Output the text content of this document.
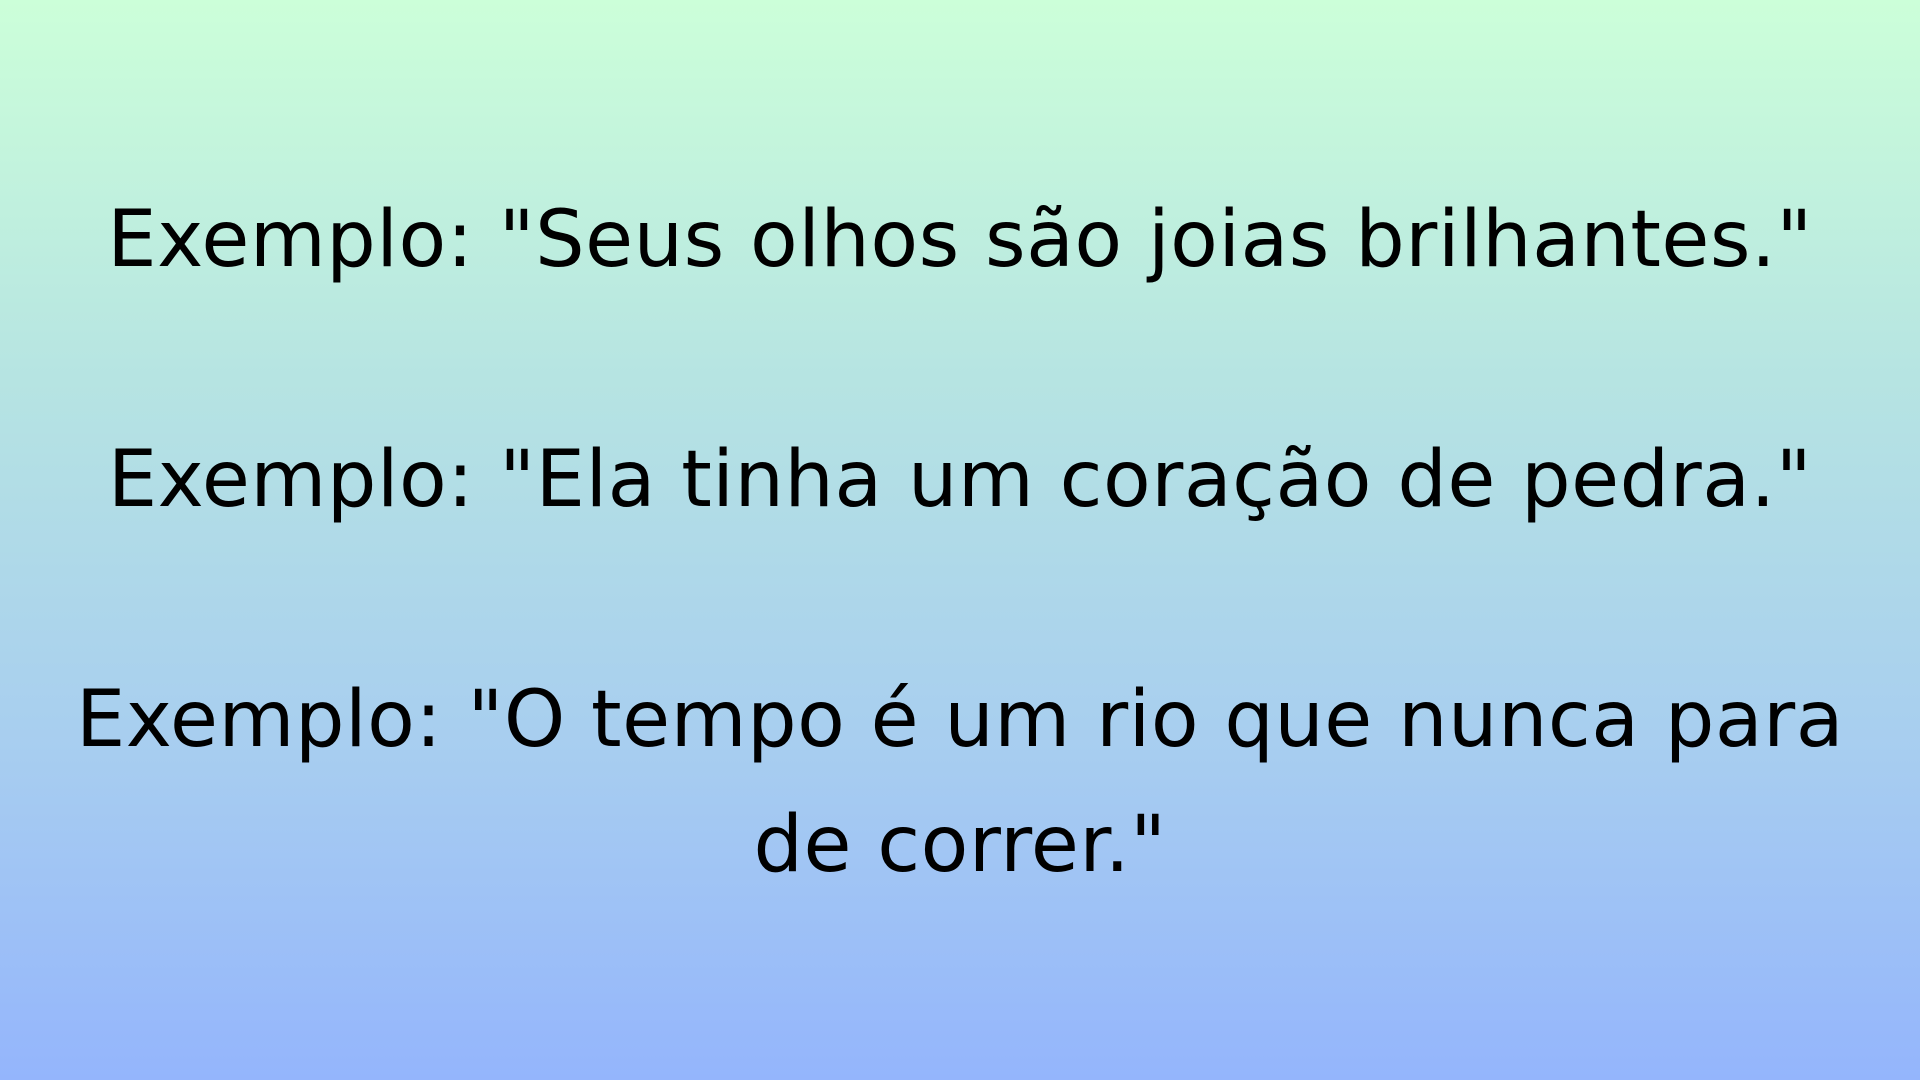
Exemplo: "Seus olhos são joias brilhantes."
Exemplo: "Ela tinha um coração de pedra."
Exemplo: "O tempo é um rio que nunca para
de correr."
